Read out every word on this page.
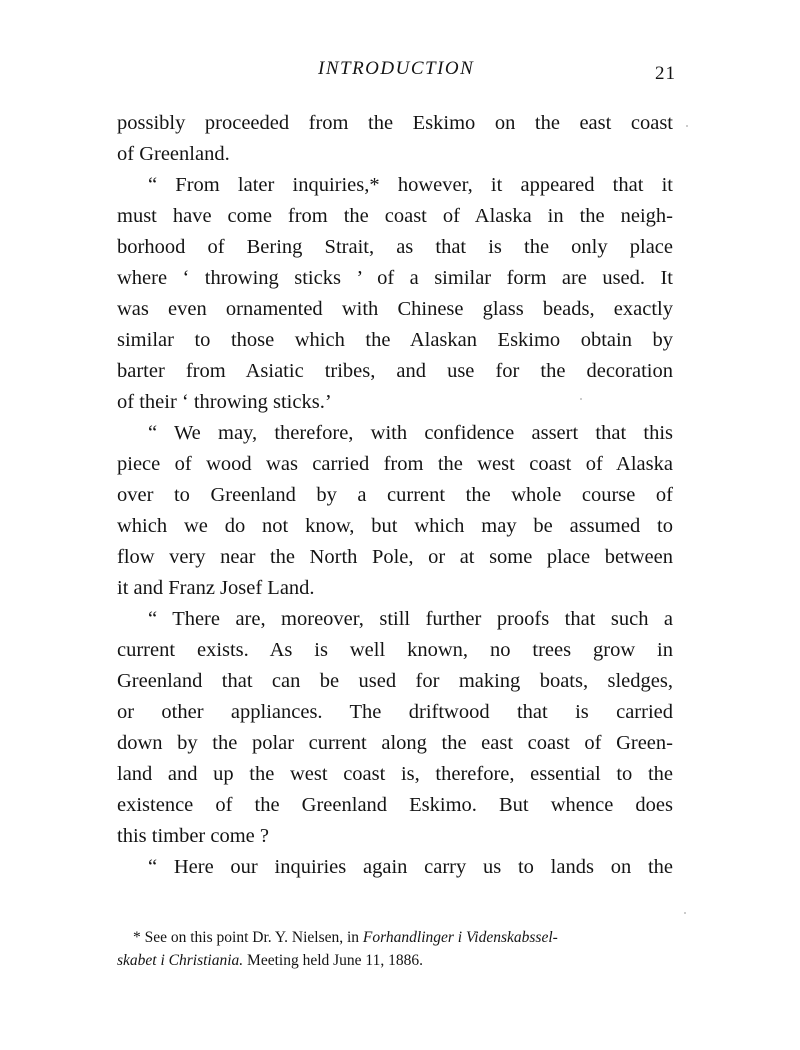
INTRODUCTION	21
possibly proceeded from the Eskimo on the east coast
of Greenland.
“ From later inquiries,* however, it appeared that it
must have come from the coast of Alaska in the neigh-
borhood of Bering Strait, as that is the only place
where ‘ throwing sticks ’ of a similar form are used. It
was even ornamented with Chinese glass beads, exactly
similar to those which the Alaskan Eskimo obtain by
barter from Asiatic tribes, and use for the decoration
of their ‘ throwing sticks.’
“ We may, therefore, with confidence assert that this
piece of wood was carried from the west coast of Alaska
over to Greenland by a current the whole course of
which we do not know, but which may be assumed to
flow very near the North Pole, or at some place between
it and Franz Josef Land.
“ There are, moreover, still further proofs that such a
current exists. As is well known, no trees grow in
Greenland that can be used for making boats, sledges,
or other appliances. The driftwood that is carried
down by the polar current along the east coast of Green-
land and up the west coast is, therefore, essential to the
existence of the Greenland Eskimo. But whence does
this timber come ?
“ Here our inquiries again carry us to lands on the
* See on this point Dr. Y. Nielsen, in Forhandlinger i Videnskabssel-
skabet i Christiania. Meeting held June 11, 1886.
